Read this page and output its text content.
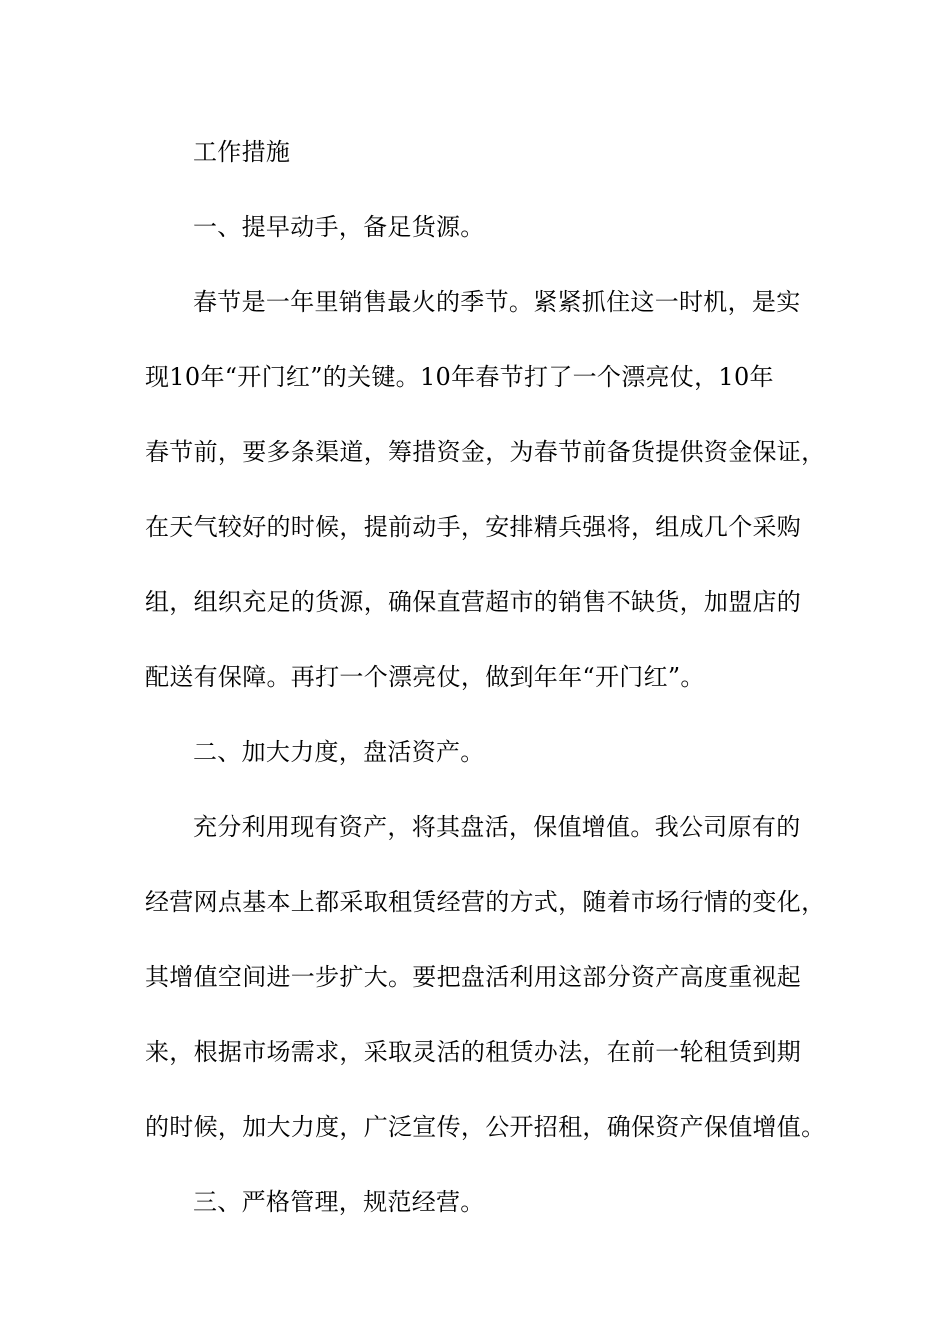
工作措施
一、提早动手，备足货源。
春节是一年里销售最火的季节。紧紧抓住这一时机，是实
现10年“开门红”的关键。10年春节打了一个漂亮仗，10年
春节前，要多条渠道，筹措资金，为春节前备货提供资金保证，
在天气较好的时候，提前动手，安排精兵强将，组成几个采购
组，组织充足的货源，确保直营超市的销售不缺货，加盟店的
配送有保障。再打一个漂亮仗，做到年年“开门红”。
二、加大力度，盘活资产。
充分利用现有资产，将其盘活，保值增值。我公司原有的
经营网点基本上都采取租赁经营的方式，随着市场行情的变化，
其增值空间进一步扩大。要把盘活利用这部分资产高度重视起
来，根据市场需求，采取灵活的租赁办法，在前一轮租赁到期
的时候，加大力度，广泛宣传，公开招租，确保资产保值增值。
三、严格管理，规范经营。
